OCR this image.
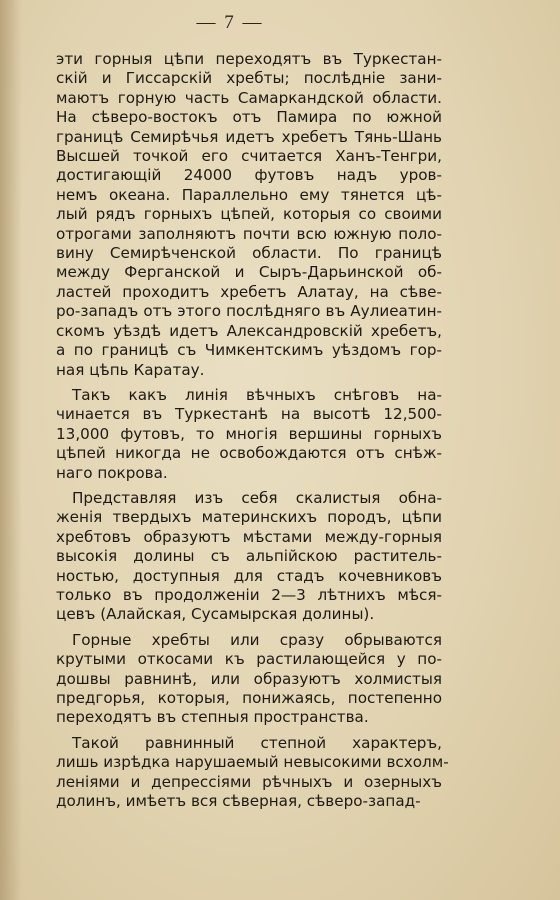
— 7 —
эти горныя цѣпи переходятъ въ Туркестан-
скій и Гиссарскій хребты; послѣдніе зани-
маютъ горную часть Самаркандской области.
На сѣверо-востокъ отъ Памира по южной
границѣ Семирѣчья идетъ хребетъ Тянь-Шань
Высшей точкой его считается Ханъ-Тенгри,
достигающій 24000 футовъ надъ уров-
немъ океана. Параллельно ему тянется цѣ-
лый рядъ горныхъ цѣпей, которыя со своими
отрогами заполняютъ почти всю южную поло-
вину Семирѣченской области. По границѣ
между Ферганской и Сыръ-Дарьинской об-
ластей проходитъ хребетъ Алатау, на сѣве-
ро-западъ отъ этого послѣдняго въ Аулиеатин-
скомъ уѣздѣ идетъ Александровскій хребетъ,
а по границѣ съ Чимкентскимъ уѣздомъ гор-
ная цѣпь Каратау.
Такъ какъ линія вѣчныхъ снѣговъ на-
чинается въ Туркестанѣ на высотѣ 12,500-
13,000 футовъ, то многія вершины горныхъ
цѣпей никогда не освобождаются отъ снѣж-
наго покрова.
Представляя изъ себя скалистыя обна-
женія твердыхъ материнскихъ породъ, цѣпи
хребтовъ образуютъ мѣстами между-горныя
высокія долины съ альпійскою раститель-
ностью, доступныя для стадъ кочевниковъ
только въ продолженіи 2—3 лѣтнихъ мѣся-
цевъ (Алайская, Сусамырская долины).
Горные хребты или сразу обрываются
крутыми откосами къ растилающейся у по-
дошвы равнинѣ, или образуютъ холмистыя
предгорья, которыя, понижаясь, постепенно
переходятъ въ степныя пространства.
Такой равнинный степной характеръ,
лишь изрѣдка нарушаемый невысокими всхолм-
леніями и депрессіями рѣчныхъ и озерныхъ
долинъ, имѣетъ вся сѣверная, сѣверо-запад-
